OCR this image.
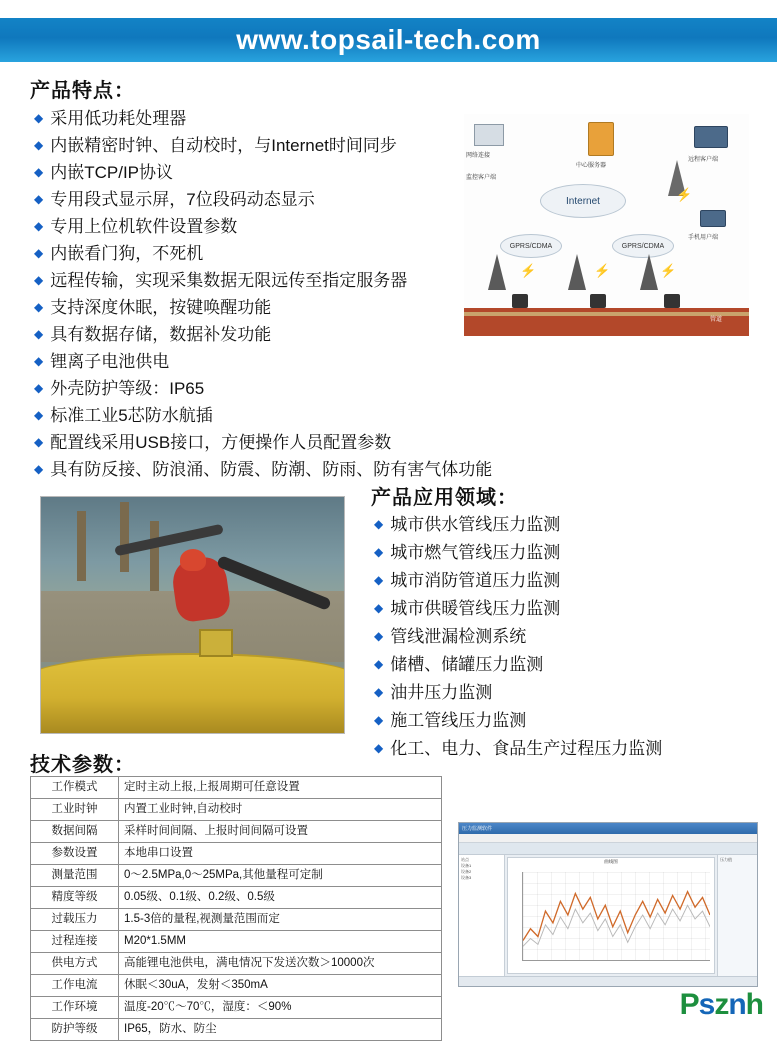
www.topsail-tech.com
产品特点：
◆ 采用低功耗处理器
◆ 内嵌精密时钟、自动校时，与Internet时间同步
◆ 内嵌TCP/IP协议
◆ 专用段式显示屏，7位段码动态显示
◆ 专用上位机软件设置参数
◆ 内嵌看门狗，不死机
◆ 远程传输，实现采集数据无限远传至指定服务器
◆ 支持深度休眠，按键唤醒功能
◆ 具有数据存储，数据补发功能
◆ 锂离子电池供电
◆ 外壳防护等级：IP65
◆ 标准工业5芯防水航插
◆ 配置线采用USB接口，方便操作人员配置参数
◆ 具有防反接、防浪涌、防震、防潮、防雨、防有害气体功能
网络连接
监控客户端
中心服务器
远程客户端
手机用户端
Internet
GPRS/CDMA	GPRS/CDMA
⚡	⚡	⚡
⚡
管道
产品应用领域：
◆ 城市供水管线压力监测
◆ 城市燃气管线压力监测
◆ 城市消防管道压力监测
◆ 城市供暖管线压力监测
◆ 管线泄漏检测系统
◆ 储槽、储罐压力监测
◆ 油井压力监测
◆ 施工管线压力监测
◆ 化工、电力、食品生产过程压力监测
技术参数：
工作模式	定时主动上报,上报周期可任意设置
工业时钟	内置工业时钟,自动校时
数据间隔	采样时间间隔、上报时间间隔可设置
参数设置	本地串口设置
测量范围	0～2.5MPa,0～25MPa,其他量程可定制
精度等级	0.05级、0.1级、0.2级、0.5级
过载压力	1.5-3倍的量程,视测量范围而定
过程连接	M20*1.5MM
供电方式	高能锂电池供电，满电情况下发送次数＞10000次
工作电流	休眠＜30uA，发射＜350mA
工作环境	温度-20℃～70℃，湿度：＜90%
防护等级	IP65，防水、防尘
压力监测软件
站点
设备1
设备2
设备3
曲线图	压力值
Psznh
